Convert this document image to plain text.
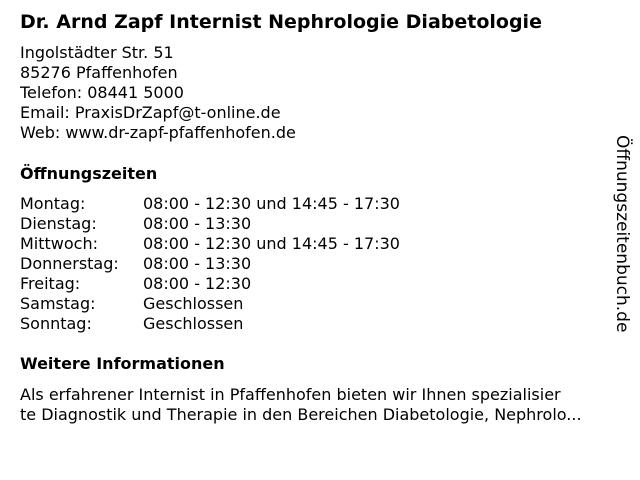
Dr. Arnd Zapf Internist Nephrologie Diabetologie
Ingolstädter Str. 51
85276 Pfaffenhofen
Telefon: 08441 5000
Email: PraxisDrZapf@t-online.de
Web: www.dr-zapf-pfaffenhofen.de
Öffnungszeiten
Montag:	08:00 - 12:30 und 14:45 - 17:30
Dienstag:	08:00 - 13:30
Mittwoch:	08:00 - 12:30 und 14:45 - 17:30
Donnerstag: 08:00 - 13:30
Freitag:	08:00 - 12:30
Samstag:	Geschlossen
Sonntag:	Geschlossen
Weitere Informationen
Als erfahrener Internist in Pfaffenhofen bieten wir Ihnen spezialisier
te Diagnostik und Therapie in den Bereichen Diabetologie, Nephrolo...
Öffnungszeitenbuch.de
